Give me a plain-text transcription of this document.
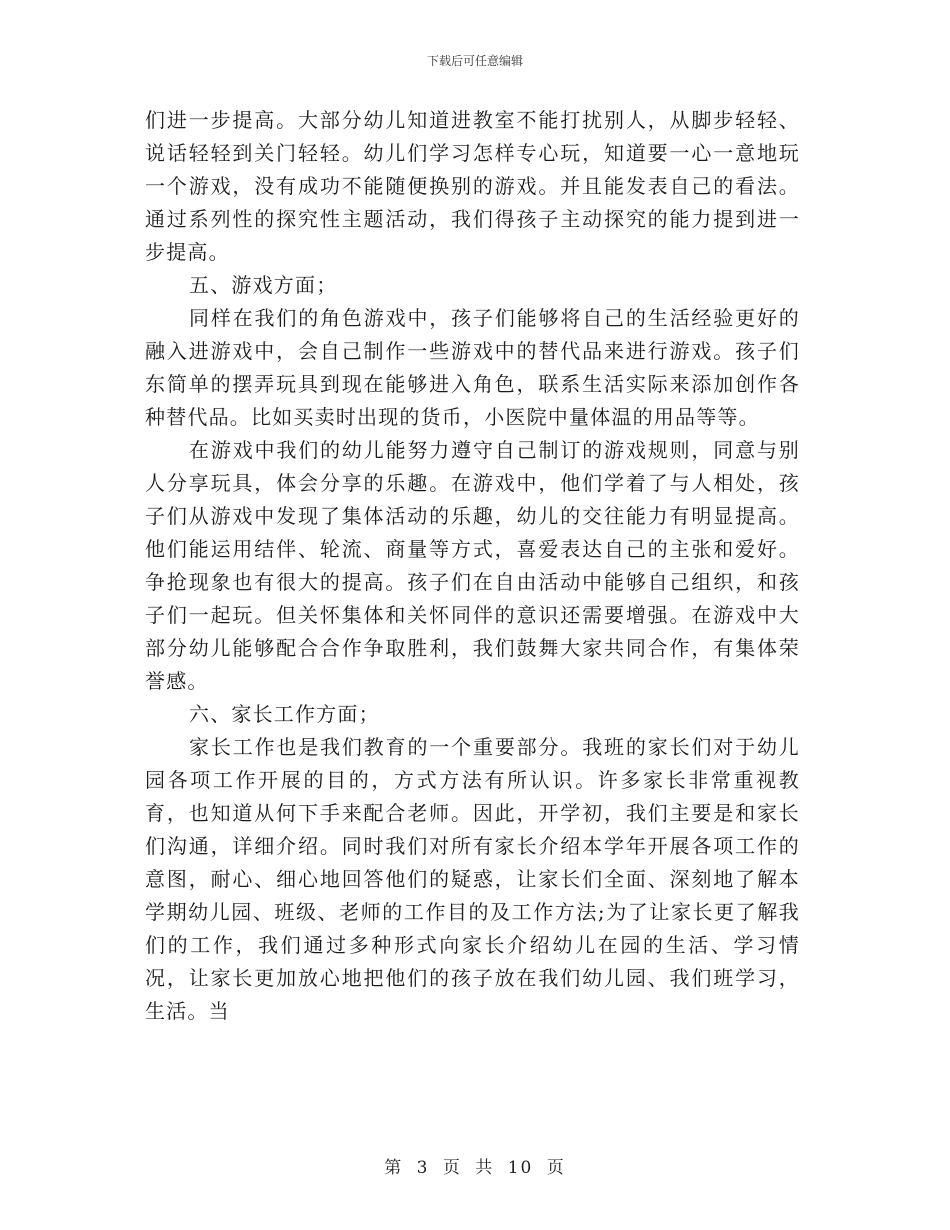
下载后可任意编辑

们进一步提高。大部分幼儿知道进教室不能打扰别人，从脚步轻轻、说话轻轻到关门轻轻。幼儿们学习怎样专心玩，知道要一心一意地玩一个游戏，没有成功不能随便换别的游戏。并且能发表自己的看法。通过系列性的探究性主题活动，我们得孩子主动探究的能力提到进一步提高。

五、游戏方面；

同样在我们的角色游戏中，孩子们能够将自己的生活经验更好的融入进游戏中，会自己制作一些游戏中的替代品来进行游戏。孩子们东简单的摆弄玩具到现在能够进入角色，联系生活实际来添加创作各种替代品。比如买卖时出现的货币，小医院中量体温的用品等等。

在游戏中我们的幼儿能努力遵守自己制订的游戏规则，同意与别人分享玩具，体会分享的乐趣。在游戏中，他们学着了与人相处，孩子们从游戏中发现了集体活动的乐趣，幼儿的交往能力有明显提高。他们能运用结伴、轮流、商量等方式，喜爱表达自己的主张和爱好。争抢现象也有很大的提高。孩子们在自由活动中能够自己组织，和孩子们一起玩。但关怀集体和关怀同伴的意识还需要增强。在游戏中大部分幼儿能够配合合作争取胜利，我们鼓舞大家共同合作，有集体荣誉感。

六、家长工作方面；

家长工作也是我们教育的一个重要部分。我班的家长们对于幼儿园各项工作开展的目的，方式方法有所认识。许多家长非常重视教育，也知道从何下手来配合老师。因此，开学初，我们主要是和家长们沟通，详细介绍。同时我们对所有家长介绍本学年开展各项工作的意图，耐心、细心地回答他们的疑惑，让家长们全面、深刻地了解本学期幼儿园、班级、老师的工作目的及工作方法;为了让家长更了解我们的工作，我们通过多种形式向家长介绍幼儿在园的生活、学习情况，让家长更加放心地把他们的孩子放在我们幼儿园、我们班学习，生活。当

第 3 页 共 10 页
